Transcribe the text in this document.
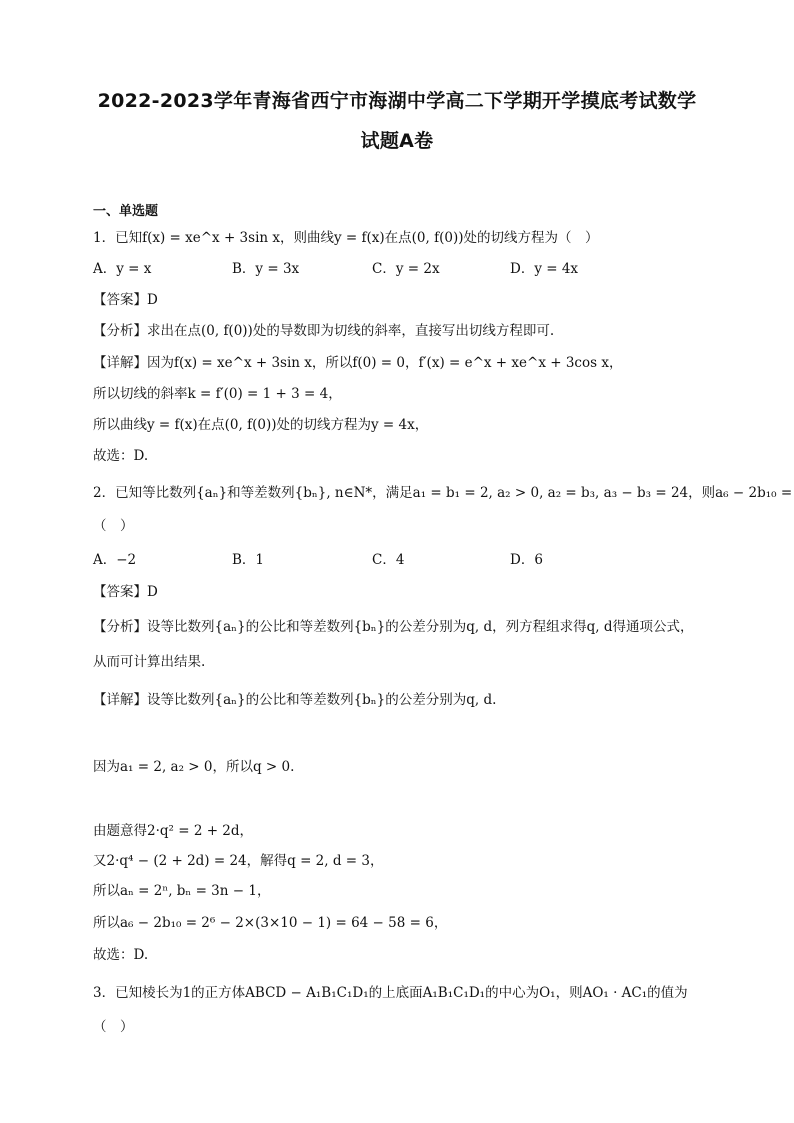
2022-2023学年青海省西宁市海湖中学高二下学期开学摸底考试数学
试题A卷
一、单选题
1．已知f(x) = xe^x + 3sin x，则曲线y = f(x)在点(0, f(0))处的切线方程为（　）
A．y = x	B．y = 3x	C．y = 2x	D．y = 4x
【答案】D
【分析】求出在点(0, f(0))处的导数即为切线的斜率，直接写出切线方程即可.
【详解】因为f(x) = xe^x + 3sin x，所以f(0) = 0，f′(x) = e^x + xe^x + 3cos x，
所以切线的斜率k = f′(0) = 1 + 3 = 4，
所以曲线y = f(x)在点(0, f(0))处的切线方程为y = 4x，
故选：D.
2．已知等比数列{aₙ}和等差数列{bₙ}, n∈N*，满足a₁ = b₁ = 2, a₂ > 0, a₂ = b₃, a₃ − b₃ = 24，则a₆ − 2b₁₀ =
（　）
A．−2	B．1	C．4	D．6
【答案】D
【分析】设等比数列{aₙ}的公比和等差数列{bₙ}的公差分别为q, d，列方程组求得q, d得通项公式，
从而可计算出结果.
【详解】设等比数列{aₙ}的公比和等差数列{bₙ}的公差分别为q, d.
因为a₁ = 2, a₂ > 0，所以q > 0.
由题意得2·q² = 2 + 2d，
又2·q⁴ − (2 + 2d) = 24，解得q = 2, d = 3，
所以aₙ = 2ⁿ, bₙ = 3n − 1，
所以a₆ − 2b₁₀ = 2⁶ − 2×(3×10 − 1) = 64 − 58 = 6，
故选：D.
3．已知棱长为1的正方体ABCD − A₁B₁C₁D₁的上底面A₁B₁C₁D₁的中心为O₁，则AO₁ · AC₁的值为
（　）
